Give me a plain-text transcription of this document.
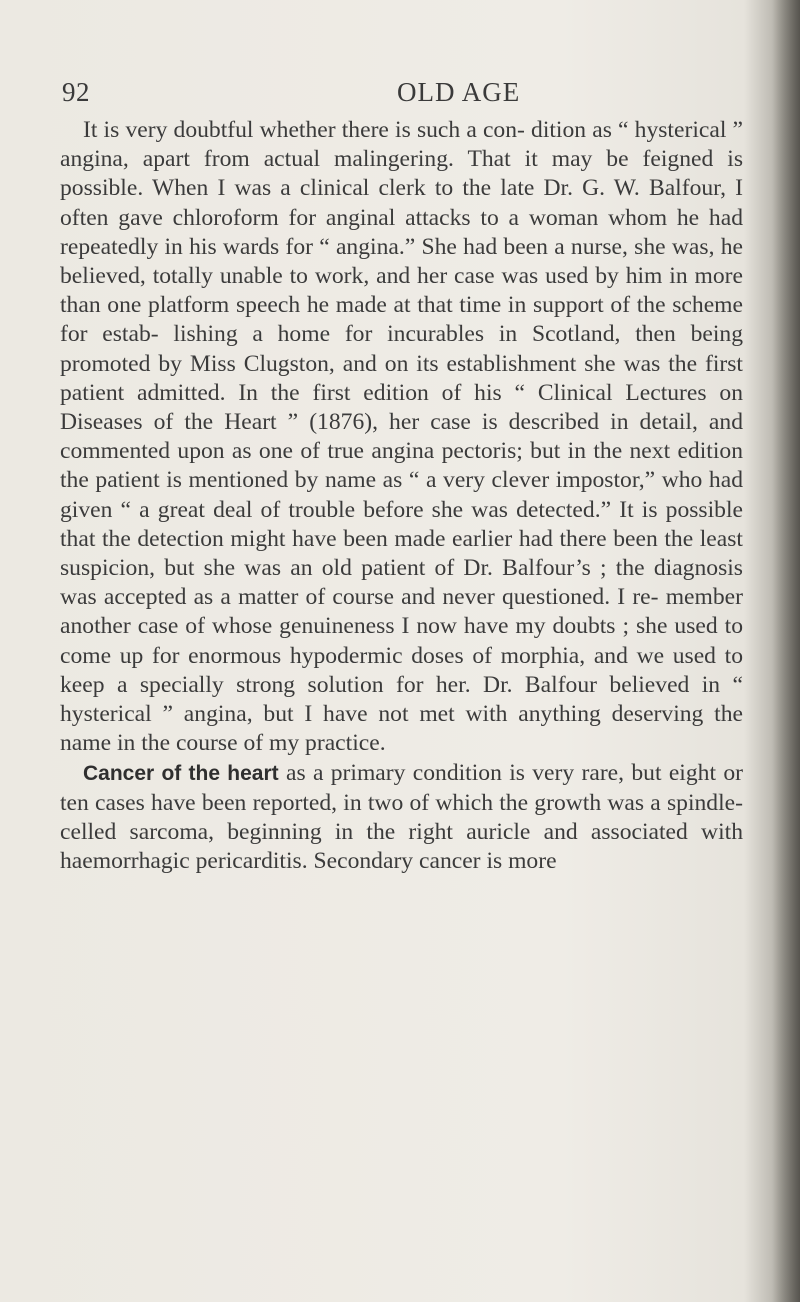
92	OLD AGE

It is very doubtful whether there is such a con- dition as “ hysterical ” angina, apart from actual malingering. That it may be feigned is possible. When I was a clinical clerk to the late Dr. G. W. Balfour, I often gave chloroform for anginal attacks to a woman whom he had repeatedly in his wards for “ angina.” She had been a nurse, she was, he believed, totally unable to work, and her case was used by him in more than one platform speech he made at that time in support of the scheme for estab- lishing a home for incurables in Scotland, then being promoted by Miss Clugston, and on its establishment she was the first patient admitted. In the first edition of his “ Clinical Lectures on Diseases of the Heart ” (1876), her case is described in detail, and commented upon as one of true angina pectoris; but in the next edition the patient is mentioned by name as “ a very clever impostor,” who had given “ a great deal of trouble before she was detected.” It is possible that the detection might have been made earlier had there been the least suspicion, but she was an old patient of Dr. Balfour’s ; the diagnosis was accepted as a matter of course and never questioned. I re- member another case of whose genuineness I now have my doubts ; she used to come up for enormous hypodermic doses of morphia, and we used to keep a specially strong solution for her. Dr. Balfour believed in “ hysterical ” angina, but I have not met with anything deserving the name in the course of my practice.

Cancer of the heart as a primary condition is very rare, but eight or ten cases have been reported, in two of which the growth was a spindle-celled sarcoma, beginning in the right auricle and associated with haemorrhagic pericarditis. Secondary cancer is more
